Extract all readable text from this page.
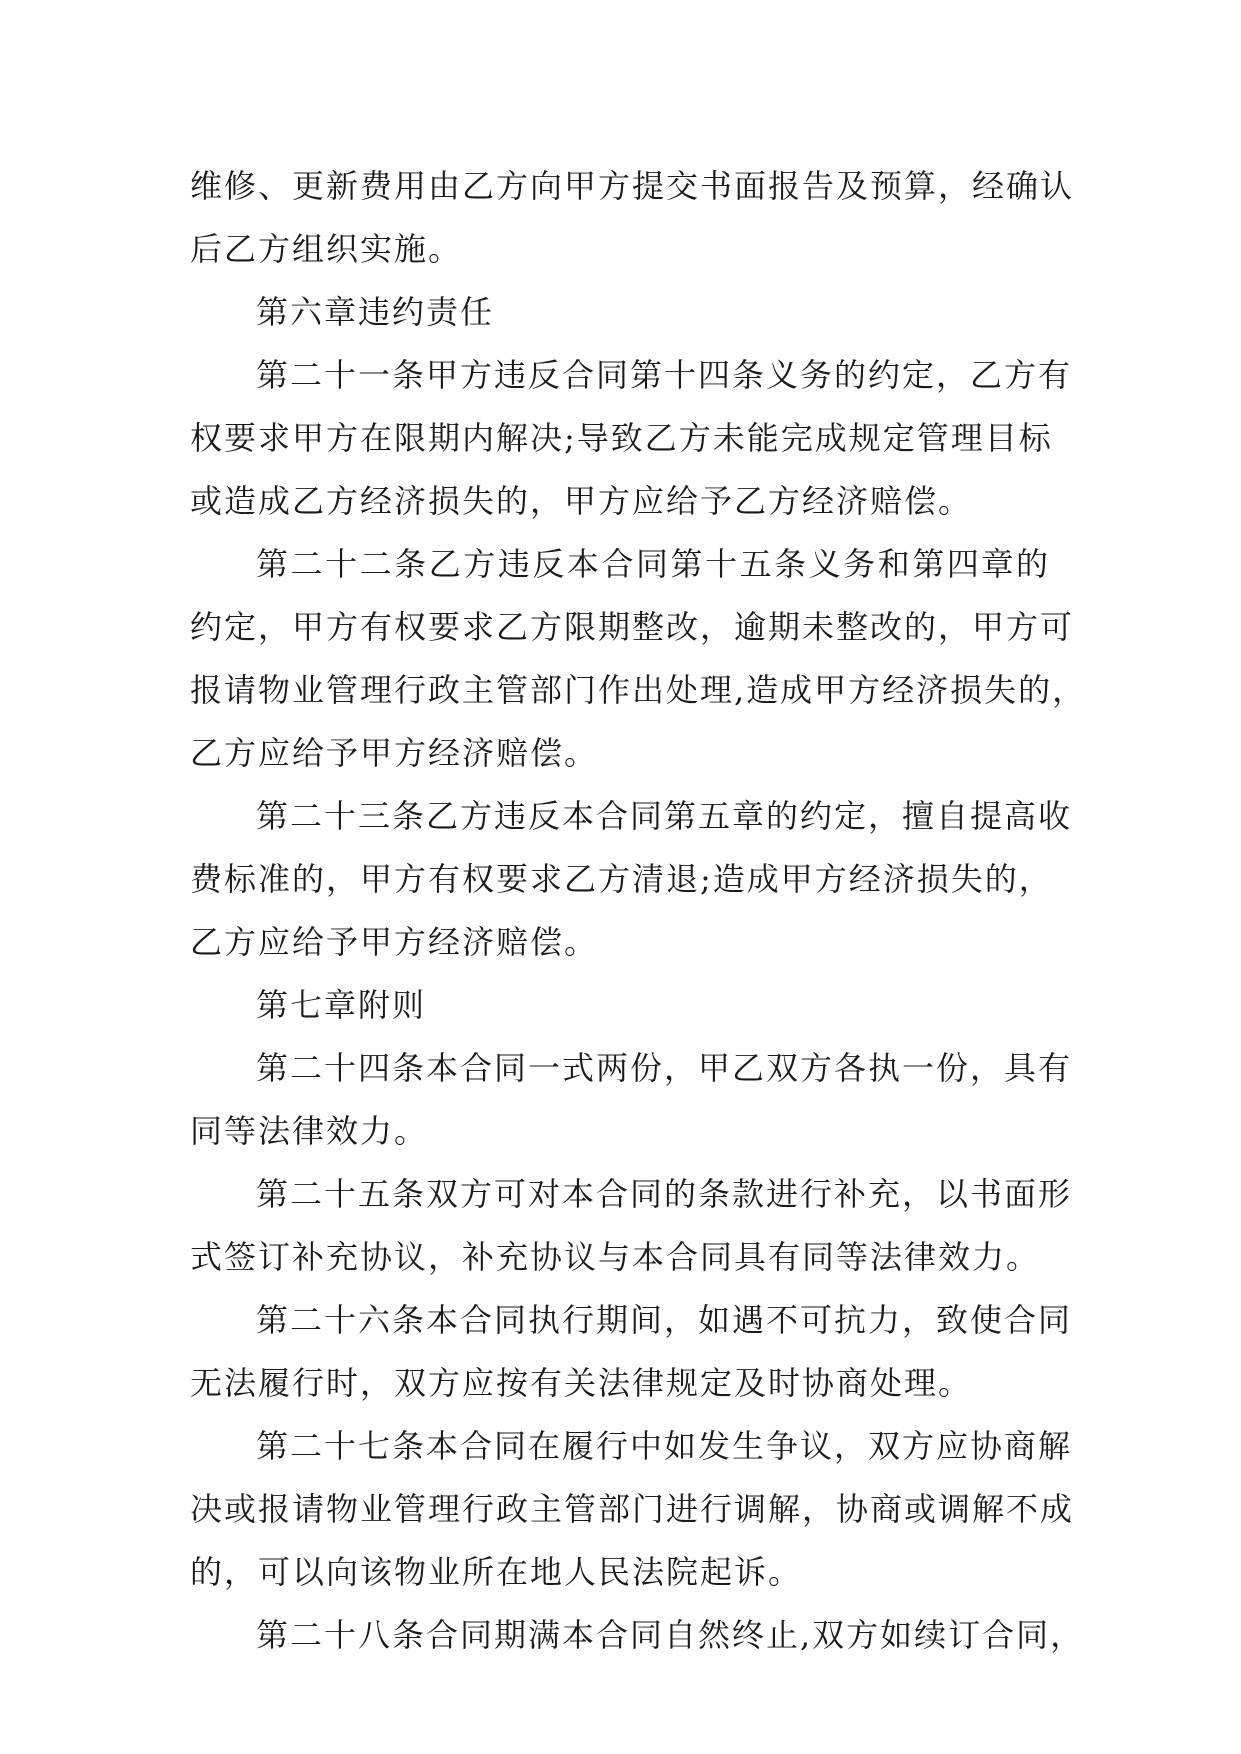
维修、更新费用由乙方向甲方提交书面报告及预算，经确认
后乙方组织实施。
第六章违约责任
第二十一条甲方违反合同第十四条义务的约定，乙方有
权要求甲方在限期内解决;导致乙方未能完成规定管理目标
或造成乙方经济损失的，甲方应给予乙方经济赔偿。
第二十二条乙方违反本合同第十五条义务和第四章的
约定，甲方有权要求乙方限期整改，逾期未整改的，甲方可
报请物业管理行政主管部门作出处理,造成甲方经济损失的，
乙方应给予甲方经济赔偿。
第二十三条乙方违反本合同第五章的约定，擅自提高收
费标准的，甲方有权要求乙方清退;造成甲方经济损失的，
乙方应给予甲方经济赔偿。
第七章附则
第二十四条本合同一式两份，甲乙双方各执一份，具有
同等法律效力。
第二十五条双方可对本合同的条款进行补充，以书面形
式签订补充协议，补充协议与本合同具有同等法律效力。
第二十六条本合同执行期间，如遇不可抗力，致使合同
无法履行时，双方应按有关法律规定及时协商处理。
第二十七条本合同在履行中如发生争议，双方应协商解
决或报请物业管理行政主管部门进行调解，协商或调解不成
的，可以向该物业所在地人民法院起诉。
第二十八条合同期满本合同自然终止,双方如续订合同，
